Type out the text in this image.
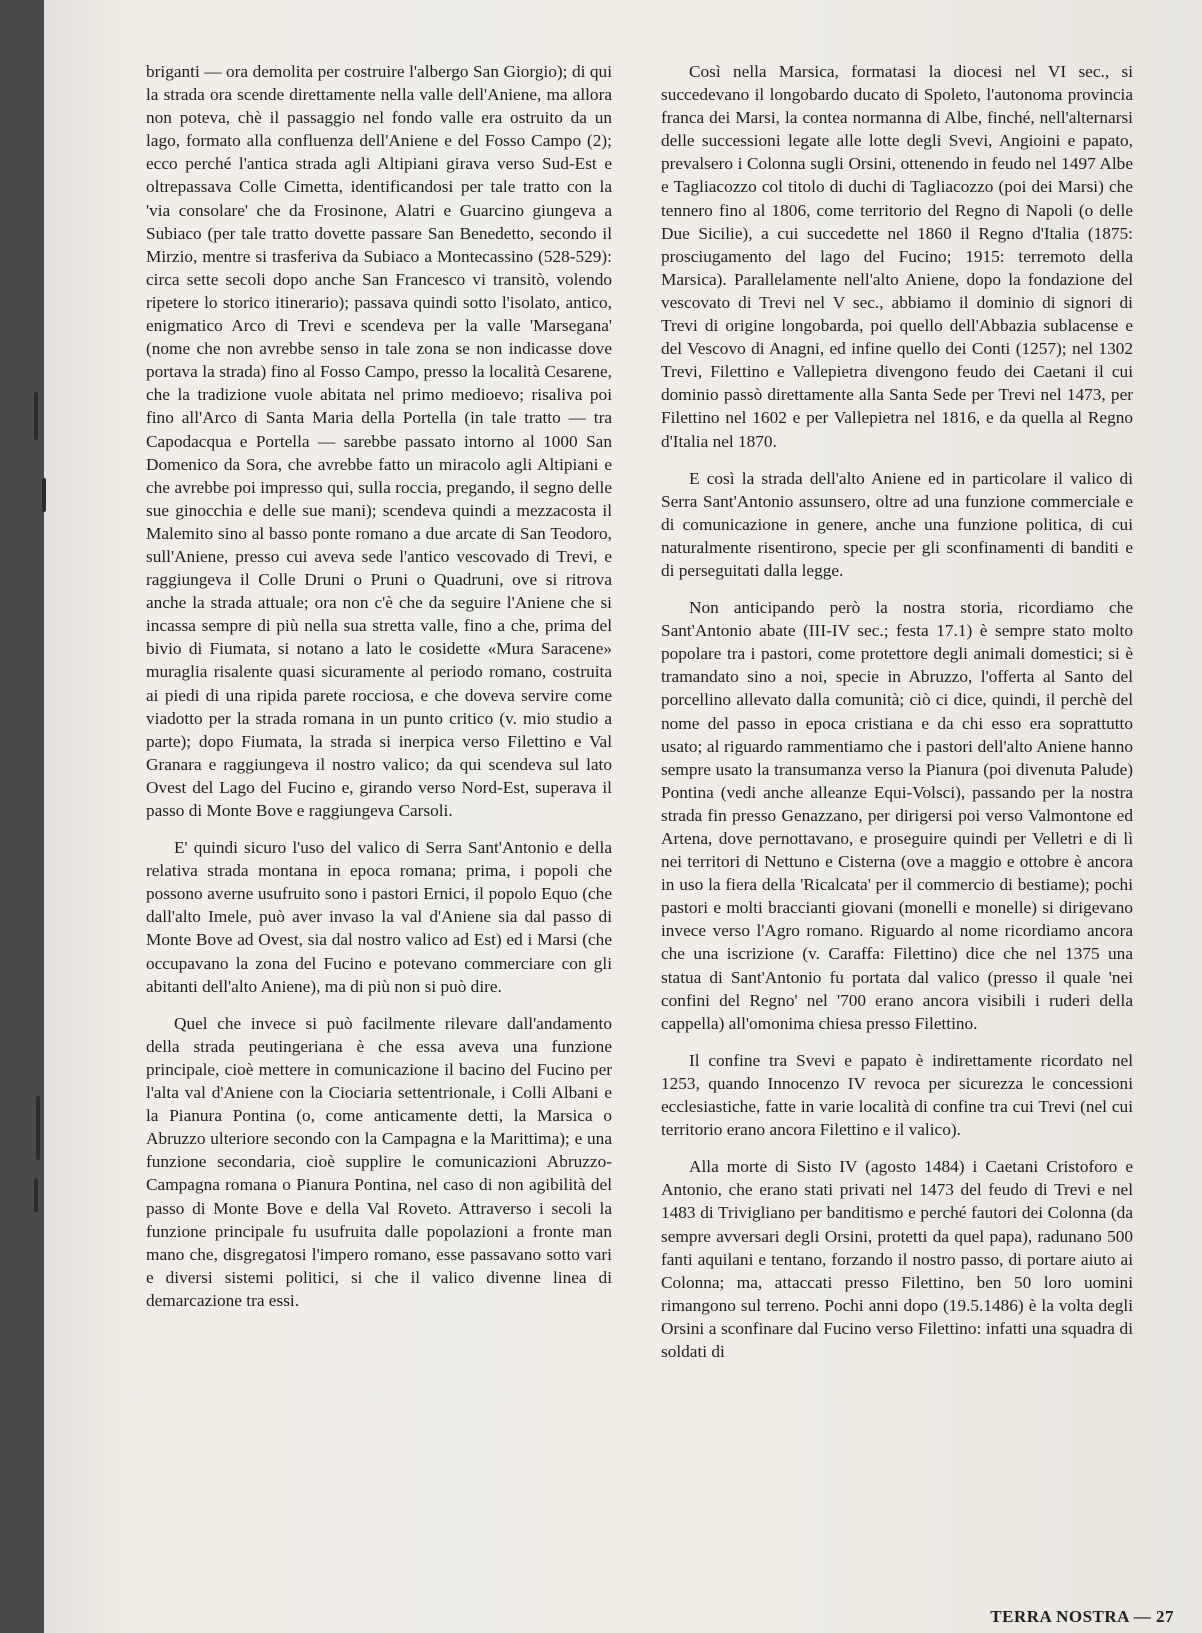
briganti — ora demolita per costruire l'albergo San Giorgio); di qui la strada ora scende direttamente nella valle dell'Aniene, ma allora non poteva, chè il passaggio nel fondo valle era ostruito da un lago, formato alla confluenza dell'Aniene e del Fosso Campo (2); ecco perché l'antica strada agli Altipiani girava verso Sud-Est e oltrepassava Colle Cimetta, identificandosi per tale tratto con la 'via consolare' che da Frosinone, Alatri e Guarcino giungeva a Subiaco (per tale tratto dovette passare San Benedetto, secondo il Mirzio, mentre si trasferiva da Subiaco a Montecassino (528-529): circa sette secoli dopo anche San Francesco vi transitò, volendo ripetere lo storico itinerario); passava quindi sotto l'isolato, antico, enigmatico Arco di Trevi e scendeva per la valle 'Marsegana' (nome che non avrebbe senso in tale zona se non indicasse dove portava la strada) fino al Fosso Campo, presso la località Cesarene, che la tradizione vuole abitata nel primo medioevo; risaliva poi fino all'Arco di Santa Maria della Portella (in tale tratto — tra Capodacqua e Portella — sarebbe passato intorno al 1000 San Domenico da Sora, che avrebbe fatto un miracolo agli Altipiani e che avrebbe poi impresso qui, sulla roccia, pregando, il segno delle sue ginocchia e delle sue mani); scendeva quindi a mezzacosta il Malemito sino al basso ponte romano a due arcate di San Teodoro, sull'Aniene, presso cui aveva sede l'antico vescovado di Trevi, e raggiungeva il Colle Druni o Pruni o Quadruni, ove si ritrova anche la strada attuale; ora non c'è che da seguire l'Aniene che si incassa sempre di più nella sua stretta valle, fino a che, prima del bivio di Fiumata, si notano a lato le cosidette «Mura Saracene» muraglia risalente quasi sicuramente al periodo romano, costruita ai piedi di una ripida parete rocciosa, e che doveva servire come viadotto per la strada romana in un punto critico (v. mio studio a parte); dopo Fiumata, la strada si inerpica verso Filettino e Val Granara e raggiungeva il nostro valico; da qui scendeva sul lato Ovest del Lago del Fucino e, girando verso Nord-Est, superava il passo di Monte Bove e raggiungeva Carsoli.

E' quindi sicuro l'uso del valico di Serra Sant'Antonio e della relativa strada montana in epoca romana; prima, i popoli che possono averne usufruito sono i pastori Ernici, il popolo Equo (che dall'alto Imele, può aver invaso la val d'Aniene sia dal passo di Monte Bove ad Ovest, sia dal nostro valico ad Est) ed i Marsi (che occupavano la zona del Fucino e potevano commerciare con gli abitanti dell'alto Aniene), ma di più non si può dire.

Quel che invece si può facilmente rilevare dall'andamento della strada peutingeriana è che essa aveva una funzione principale, cioè mettere in comunicazione il bacino del Fucino per l'alta val d'Aniene con la Ciociaria settentrionale, i Colli Albani e la Pianura Pontina (o, come anticamente detti, la Marsica o Abruzzo ulteriore secondo con la Campagna e la Marittima); e una funzione secondaria, cioè supplire le comunicazioni Abruzzo-Campagna romana o Pianura Pontina, nel caso di non agibilità del passo di Monte Bove e della Val Roveto. Attraverso i secoli la funzione principale fu usufruita dalle popolazioni a fronte man mano che, disgregatosi l'impero romano, esse passavano sotto vari e diversi sistemi politici, si che il valico divenne linea di demarcazione tra essi.

Così nella Marsica, formatasi la diocesi nel VI sec., si succedevano il longobardo ducato di Spoleto, l'autonoma provincia franca dei Marsi, la contea normanna di Albe, finché, nell'alternarsi delle successioni legate alle lotte degli Svevi, Angioini e papato, prevalsero i Colonna sugli Orsini, ottenendo in feudo nel 1497 Albe e Tagliacozzo col titolo di duchi di Tagliacozzo (poi dei Marsi) che tennero fino al 1806, come territorio del Regno di Napoli (o delle Due Sicilie), a cui succedette nel 1860 il Regno d'Italia (1875: prosciugamento del lago del Fucino; 1915: terremoto della Marsica). Parallelamente nell'alto Aniene, dopo la fondazione del vescovato di Trevi nel V sec., abbiamo il dominio di signori di Trevi di origine longobarda, poi quello dell'Abbazia sublacense e del Vescovo di Anagni, ed infine quello dei Conti (1257); nel 1302 Trevi, Filettino e Vallepietra divengono feudo dei Caetani il cui dominio passò direttamente alla Santa Sede per Trevi nel 1473, per Filettino nel 1602 e per Vallepietra nel 1816, e da quella al Regno d'Italia nel 1870.

E così la strada dell'alto Aniene ed in particolare il valico di Serra Sant'Antonio assunsero, oltre ad una funzione commerciale e di comunicazione in genere, anche una funzione politica, di cui naturalmente risentirono, specie per gli sconfinamenti di banditi e di perseguitati dalla legge.

Non anticipando però la nostra storia, ricordiamo che Sant'Antonio abate (III-IV sec.; festa 17.1) è sempre stato molto popolare tra i pastori, come protettore degli animali domestici; si è tramandato sino a noi, specie in Abruzzo, l'offerta al Santo del porcellino allevato dalla comunità; ciò ci dice, quindi, il perchè del nome del passo in epoca cristiana e da chi esso era soprattutto usato; al riguardo rammentiamo che i pastori dell'alto Aniene hanno sempre usato la transumanza verso la Pianura (poi divenuta Palude) Pontina (vedi anche alleanze Equi-Volsci), passando per la nostra strada fin presso Genazzano, per dirigersi poi verso Valmontone ed Artena, dove pernottavano, e proseguire quindi per Velletri e di lì nei territori di Nettuno e Cisterna (ove a maggio e ottobre è ancora in uso la fiera della 'Ricalcata' per il commercio di bestiame); pochi pastori e molti braccianti giovani (monelli e monelle) si dirigevano invece verso l'Agro romano. Riguardo al nome ricordiamo ancora che una iscrizione (v. Caraffa: Filettino) dice che nel 1375 una statua di Sant'Antonio fu portata dal valico (presso il quale 'nei confini del Regno' nel '700 erano ancora visibili i ruderi della cappella) all'omonima chiesa presso Filettino.

Il confine tra Svevi e papato è indirettamente ricordato nel 1253, quando Innocenzo IV revoca per sicurezza le concessioni ecclesiastiche, fatte in varie località di confine tra cui Trevi (nel cui territorio erano ancora Filettino e il valico).

Alla morte di Sisto IV (agosto 1484) i Caetani Cristoforo e Antonio, che erano stati privati nel 1473 del feudo di Trevi e nel 1483 di Trivigliano per banditismo e perché fautori dei Colonna (da sempre avversari degli Orsini, protetti da quel papa), radunano 500 fanti aquilani e tentano, forzando il nostro passo, di portare aiuto ai Colonna; ma, attaccati presso Filettino, ben 50 loro uomini rimangono sul terreno. Pochi anni dopo (19.5.1486) è la volta degli Orsini a sconfinare dal Fucino verso Filettino: infatti una squadra di soldati di

TERRA NOSTRA — 27
